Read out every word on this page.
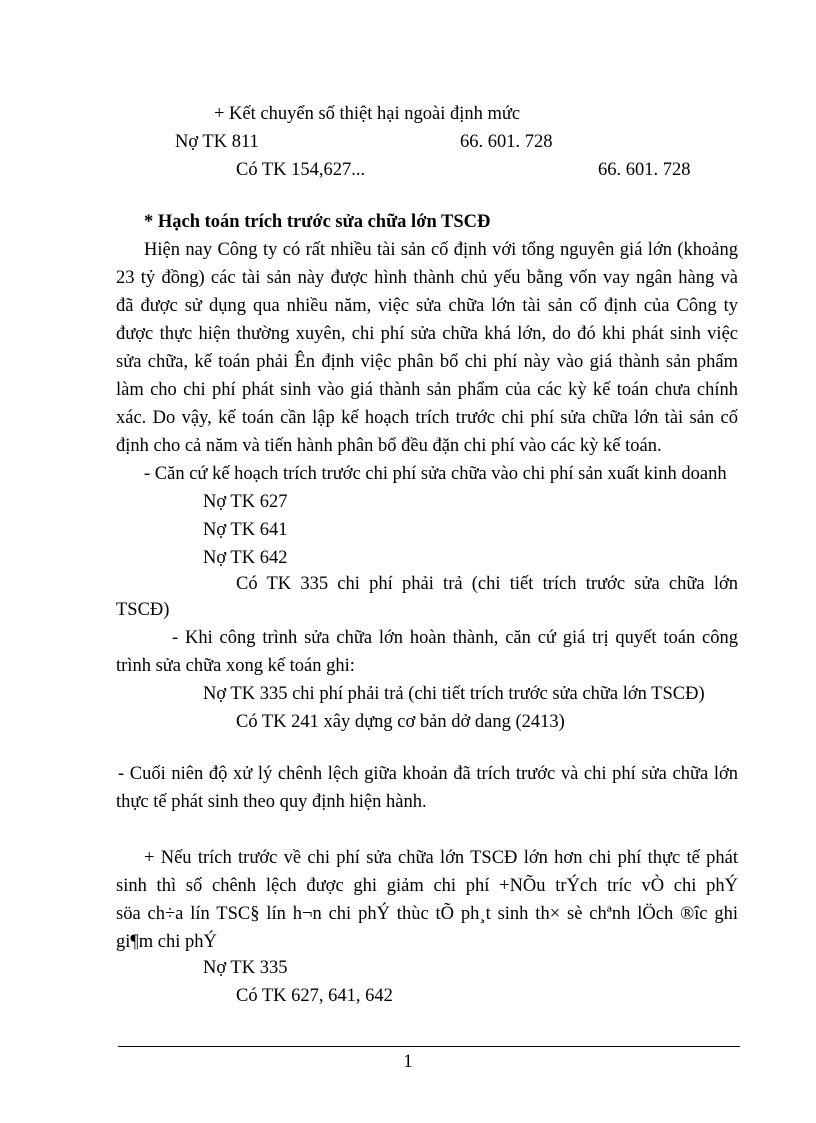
+ Kết chuyển số thiệt hại ngoài định mức
Nợ TK 811	66. 601. 728
Có TK 154,627...	66. 601. 728
* Hạch toán trích trước sửa chữa lớn TSCĐ
Hiện nay Công ty có rất nhiều tài sản cố định với tổng nguyên giá lớn (khoảng
23 tỷ đồng) các tài sản này được hình thành chủ yếu bằng vốn vay ngân hàng và
đã được sử dụng qua nhiều năm, việc sửa chữa lớn tài sản cố định của Công ty
được thực hiện thường xuyên, chi phí sửa chữa khá lớn, do đó khi phát sinh việc
sửa chữa, kế toán phải Ên định việc phân bổ chi phí này vào giá thành sản phẩm
làm cho chi phí phát sinh vào giá thành sản phẩm của các kỳ kế toán chưa chính
xác. Do vậy, kế toán cần lập kế hoạch trích trước chi phí sửa chữa lớn tài sản cố
định cho cả năm và tiến hành phân bổ đều đặn chi phí vào các kỳ kế toán.
- Căn cứ kế hoạch trích trước chi phí sửa chữa vào chi phí sản xuất kinh doanh
Nợ TK 627
Nợ TK 641
Nợ TK 642
Có TK 335 chi phí phải trả (chi tiết trích trước sửa chữa lớn
TSCĐ)
- Khi công trình sửa chữa lớn hoàn thành, căn cứ giá trị quyết toán công
trình sửa chữa xong kế toán ghi:
Nợ TK 335 chi phí phải trả (chi tiết trích trước sửa chữa lớn TSCĐ)
Có TK 241 xây dựng cơ bản dở dang (2413)
- Cuối niên độ xử lý chênh lệch giữa khoản đã trích trước và chi phí sửa chữa lớn
thực tế phát sinh theo quy định hiện hành.
+ Nếu trích trước về chi phí sửa chữa lớn TSCĐ lớn hơn chi phí thực tế phát
sinh thì số chênh lệch được ghi giảm chi phí +NÕu trÝch tríc vÒ chi phÝ
söa ch÷a lín TSC§ lín h¬n chi phÝ thùc tÕ ph¸t sinh th× sè chªnh lÖch ®îc ghi
gi¶m chi phÝ
Nợ TK 335
Có TK 627, 641, 642
1
